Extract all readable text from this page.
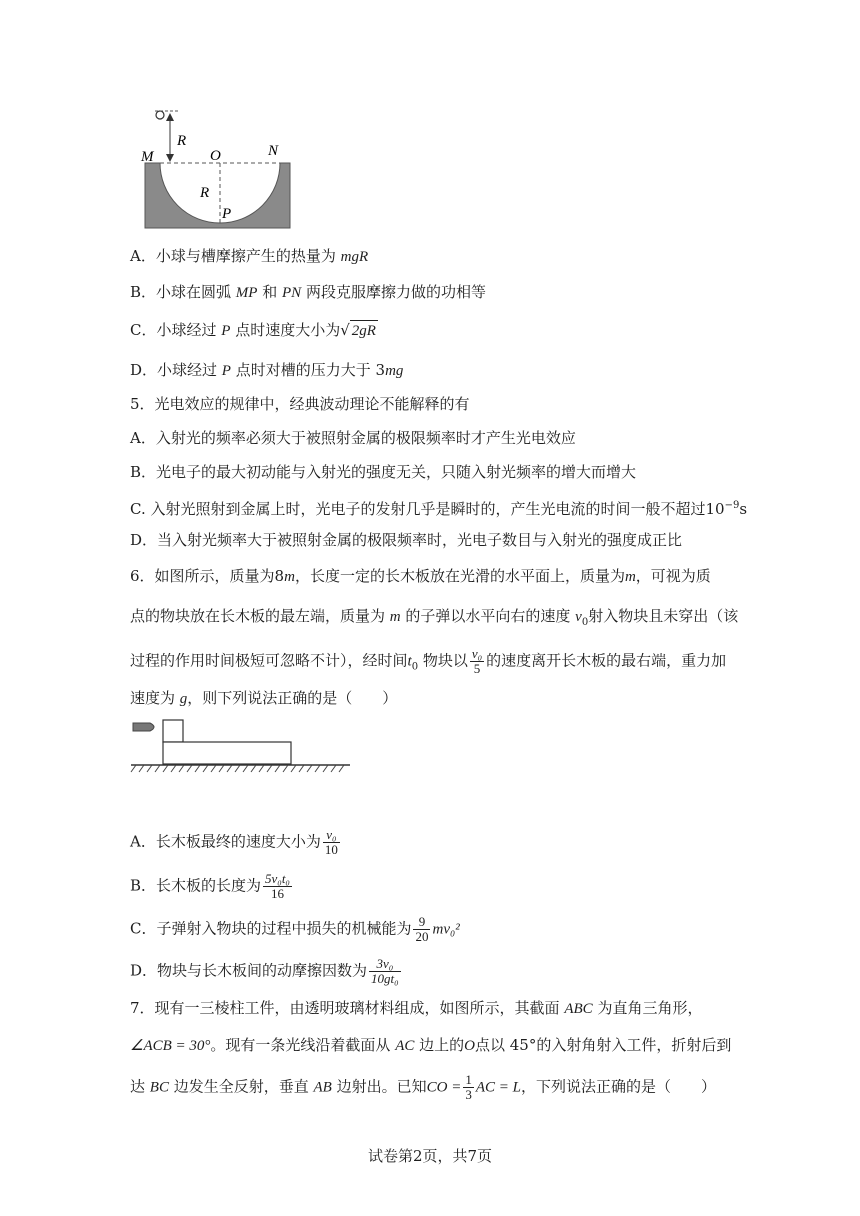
R
M	O	N
R
P
A．小球与槽摩擦产生的热量为 mgR
B．小球在圆弧 MP 和 PN 两段克服摩擦力做的功相等
C．小球经过 P 点时速度大小为√ 2gR
D．小球经过 P 点时对槽的压力大于 3mg
5．光电效应的规律中，经典波动理论不能解释的有
A．入射光的频率必须大于被照射金属的极限频率时才产生光电效应
B．光电子的最大初动能与入射光的强度无关，只随入射光频率的增大而增大
C. 入射光照射到金属上时，光电子的发射几乎是瞬时的，产生光电流的时间一般不超过$10^{-9}s$
D．当入射光频率大于被照射金属的极限频率时，光电子数目与入射光的强度成正比
6．如图所示，质量为8m，长度一定的长木板放在光滑的水平面上，质量为m，可视为质
点的物块放在长木板的最左端，质量为 m 的子弹以水平向右的速度 $v_0$射入物块且未穿出（该
过程的作用时间极短可忽略不计），经时间$t_0$ 物块以 $\frac{\text{v₀}}{5}$ 的速度离开长木板的最右端，重力加
速度为 g，则下列说法正确的是（　　）
A．长木板最终的速度大小为 $\frac{\text{v₀}}{10}$
B．长木板的长度为 $\frac{\text{5v₀t₀}}{16}$
C．子弹射入物块的过程中损失的机械能为 $\frac{9}{20} mv_0^2$
D．物块与长木板间的动摩擦因数为 $\frac{\text{3v₀}}{\text{10gt₀}}$
7．现有一三棱柱工件，由透明玻璃材料组成，如图所示，其截面 ABC 为直角三角形，
∠ACB = 30°。现有一条光线沿着截面从 AC 边上的O点以 45°的入射角射入工件，折射后到
达 BC 边发生全反射，垂直 AB 边射出。已知CO = $\frac{1}{3}$ AC = L，下列说法正确的是（　　）
试卷第2页，共7页
